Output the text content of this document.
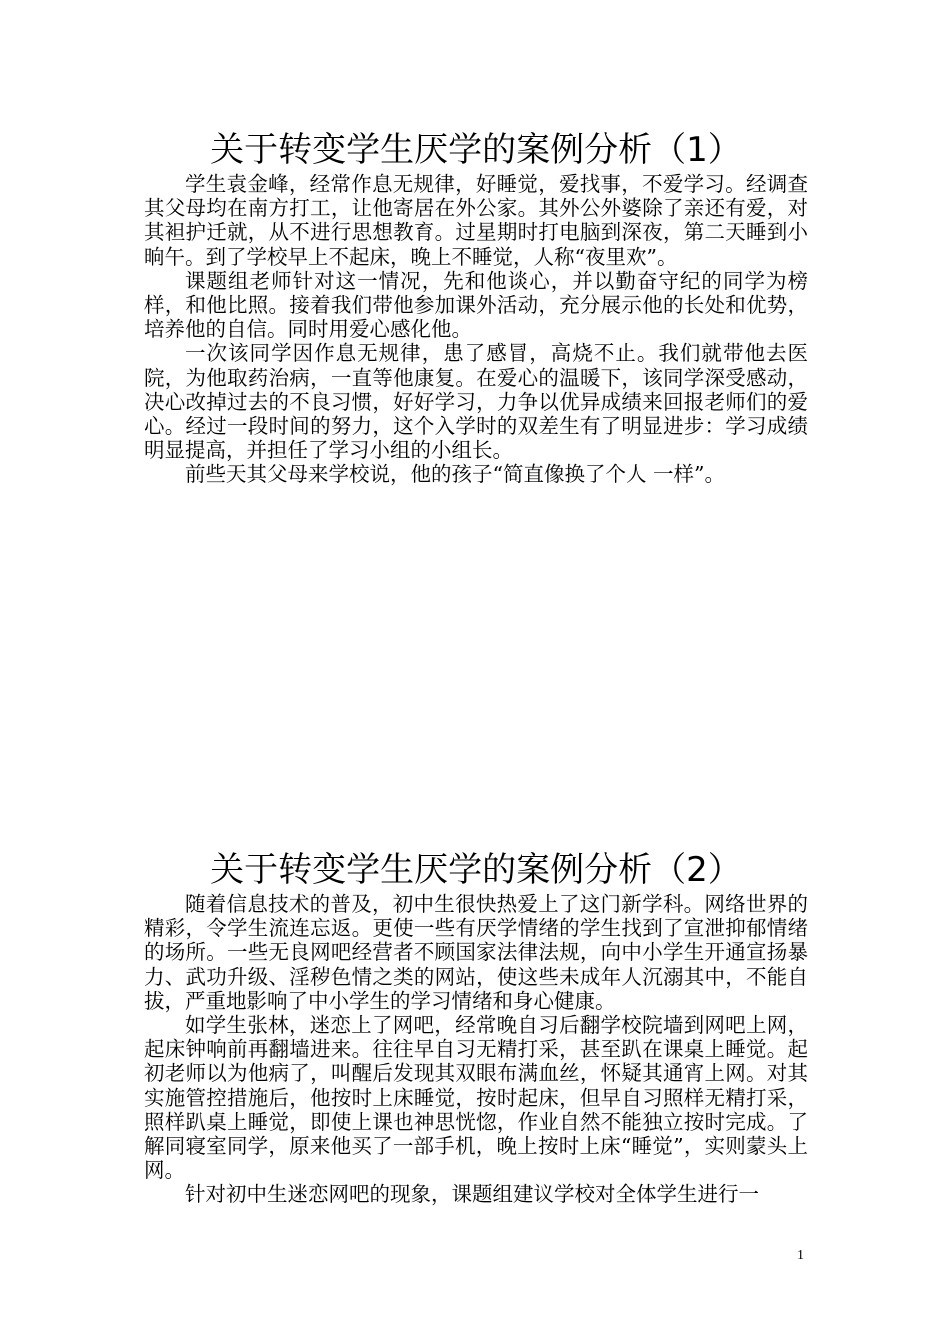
关于转变学生厌学的案例分析（1）

学生袁金峰，经常作息无规律，好睡觉，爱找事，不爱学习。经调查其父母均在南方打工，让他寄居在外公家。其外公外婆除了亲还有爱，对其袒护迁就，从不进行思想教育。过星期时打电脑到深夜，第二天睡到小晌午。到了学校早上不起床，晚上不睡觉，人称“夜里欢”。

课题组老师针对这一情况，先和他谈心，并以勤奋守纪的同学为榜样，和他比照。接着我们带他参加课外活动，充分展示他的长处和优势，培养他的自信。同时用爱心感化他。

一次该同学因作息无规律，患了感冒，高烧不止。我们就带他去医院，为他取药治病，一直等他康复。在爱心的温暖下，该同学深受感动，决心改掉过去的不良习惯，好好学习，力争以优异成绩来回报老师们的爱心。经过一段时间的努力，这个入学时的双差生有了明显进步：学习成绩明显提高，并担任了学习小组的小组长。

前些天其父母来学校说，他的孩子“简直像换了个人 一样”。

关于转变学生厌学的案例分析（2）

随着信息技术的普及，初中生很快热爱上了这门新学科。网络世界的精彩，令学生流连忘返。更使一些有厌学情绪的学生找到了宣泄抑郁情绪的场所。一些无良网吧经营者不顾国家法律法规，向中小学生开通宣扬暴力、武功升级、淫秽色情之类的网站，使这些未成年人沉溺其中，不能自拔，严重地影响了中小学生的学习情绪和身心健康。

如学生张林，迷恋上了网吧，经常晚自习后翻学校院墙到网吧上网，起床钟响前再翻墙进来。往往早自习无精打采，甚至趴在课桌上睡觉。起初老师以为他病了，叫醒后发现其双眼布满血丝，怀疑其通宵上网。对其实施管控措施后，他按时上床睡觉，按时起床，但早自习照样无精打采，照样趴桌上睡觉，即使上课也神思恍惚，作业自然不能独立按时完成。了解同寝室同学，原来他买了一部手机，晚上按时上床“睡觉”，实则蒙头上网。

针对初中生迷恋网吧的现象，课题组建议学校对全体学生进行一

1
